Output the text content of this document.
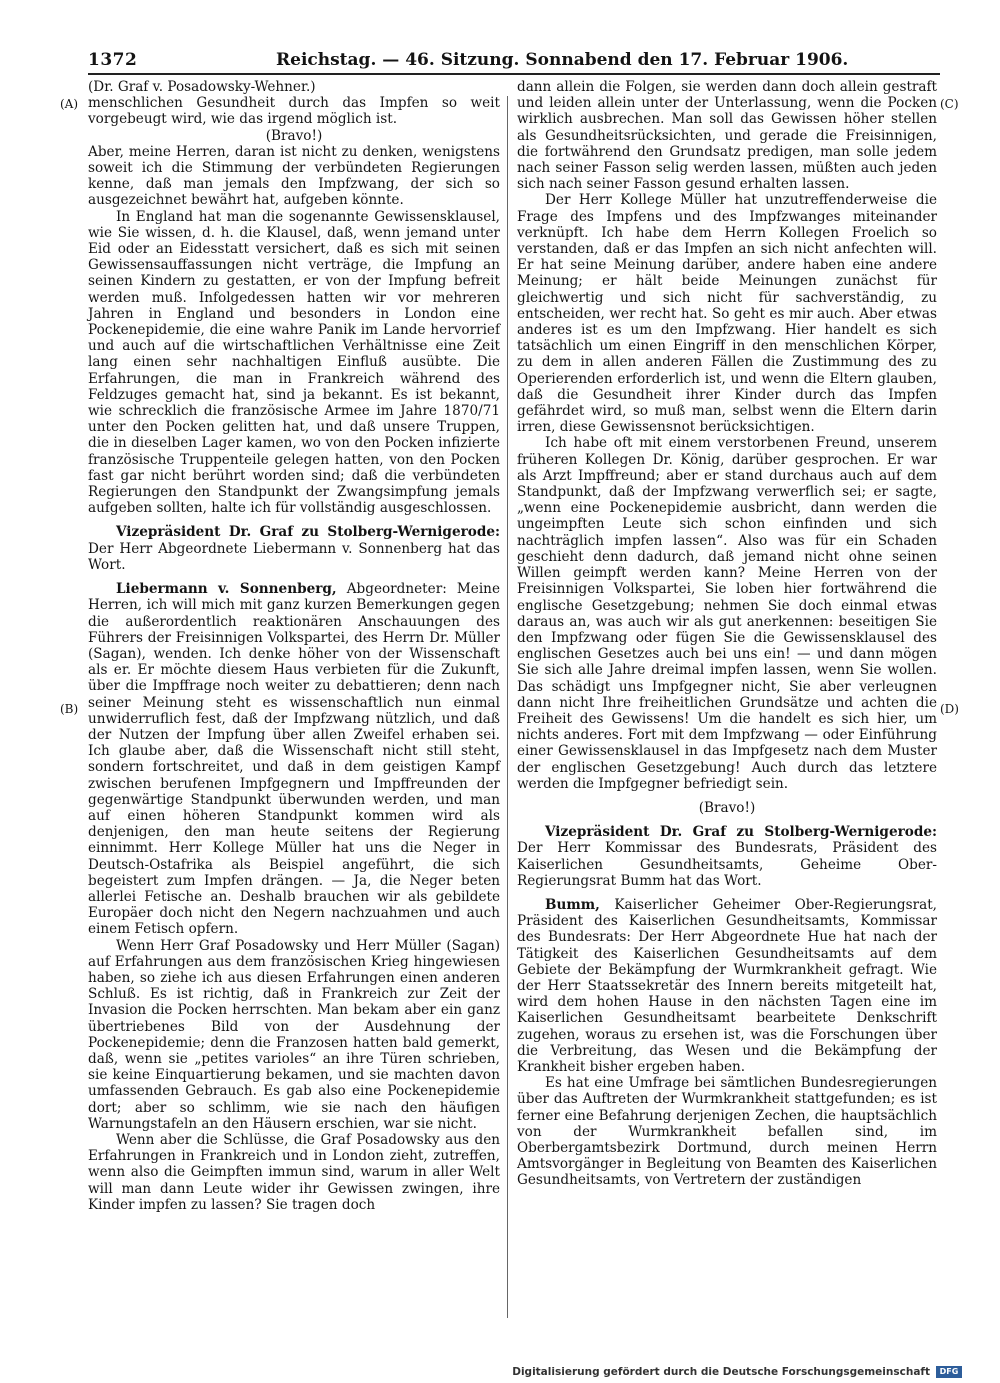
1372	Reichstag. — 46. Sitzung. Sonnabend den 17. Februar 1906.
(A)
(B)
(C)
(D)

(Dr. Graf v. Posadowsky-Wehner.)

menschlichen Gesundheit durch das Impfen so weit vorgebeugt wird, wie das irgend möglich ist.

(Bravo!)

Aber, meine Herren, daran ist nicht zu denken, wenigstens soweit ich die Stimmung der verbündeten Regierungen kenne, daß man jemals den Impfzwang, der sich so ausgezeichnet bewährt hat, aufgeben könnte.

In England hat man die sogenannte Gewissensklausel, wie Sie wissen, d. h. die Klausel, daß, wenn jemand unter Eid oder an Eidesstatt versichert, daß es sich mit seinen Gewissensauffassungen nicht verträge, die Impfung an seinen Kindern zu gestatten, er von der Impfung befreit werden muß. Infolgedessen hatten wir vor mehreren Jahren in England und besonders in London eine Pockenepidemie, die eine wahre Panik im Lande hervorrief und auch auf die wirtschaftlichen Verhältnisse eine Zeit lang einen sehr nachhaltigen Einfluß ausübte. Die Erfahrungen, die man in Frankreich während des Feldzuges gemacht hat, sind ja bekannt. Es ist bekannt, wie schrecklich die französische Armee im Jahre 1870/71 unter den Pocken gelitten hat, und daß unsere Truppen, die in dieselben Lager kamen, wo von den Pocken infizierte französische Truppenteile gelegen hatten, von den Pocken fast gar nicht berührt worden sind; daß die verbündeten Regierungen den Standpunkt der Zwangsimpfung jemals aufgeben sollten, halte ich für vollständig ausgeschlossen.

Vizepräsident Dr. Graf zu Stolberg-Wernigerode: Der Herr Abgeordnete Liebermann v. Sonnenberg hat das Wort.

Liebermann v. Sonnenberg, Abgeordneter: Meine Herren, ich will mich mit ganz kurzen Bemerkungen gegen die außerordentlich reaktionären Anschauungen des Führers der Freisinnigen Volkspartei, des Herrn Dr. Müller (Sagan), wenden. Ich denke höher von der Wissenschaft als er. Er möchte diesem Haus verbieten für die Zukunft, über die Impffrage noch weiter zu debattieren; denn nach seiner Meinung steht es wissenschaftlich nun einmal unwiderruflich fest, daß der Impfzwang nützlich, und daß der Nutzen der Impfung über allen Zweifel erhaben sei. Ich glaube aber, daß die Wissenschaft nicht still steht, sondern fortschreitet, und daß in dem geistigen Kampf zwischen berufenen Impfgegnern und Impffreunden der gegenwärtige Standpunkt überwunden werden, und man auf einen höheren Standpunkt kommen wird als denjenigen, den man heute seitens der Regierung einnimmt. Herr Kollege Müller hat uns die Neger in Deutsch-Ostafrika als Beispiel angeführt, die sich begeistert zum Impfen drängen. — Ja, die Neger beten allerlei Fetische an. Deshalb brauchen wir als gebildete Europäer doch nicht den Negern nachzuahmen und auch einem Fetisch opfern.

Wenn Herr Graf Posadowsky und Herr Müller (Sagan) auf Erfahrungen aus dem französischen Krieg hingewiesen haben, so ziehe ich aus diesen Erfahrungen einen anderen Schluß. Es ist richtig, daß in Frankreich zur Zeit der Invasion die Pocken herrschten. Man bekam aber ein ganz übertriebenes Bild von der Ausdehnung der Pockenepidemie; denn die Franzosen hatten bald gemerkt, daß, wenn sie „petites varioles“ an ihre Türen schrieben, sie keine Einquartierung bekamen, und sie machten davon umfassenden Gebrauch. Es gab also eine Pockenepidemie dort; aber so schlimm, wie sie nach den häufigen Warnungstafeln an den Häusern erschien, war sie nicht.

Wenn aber die Schlüsse, die Graf Posadowsky aus den Erfahrungen in Frankreich und in London zieht, zutreffen, wenn also die Geimpften immun sind, warum in aller Welt will man dann Leute wider ihr Gewissen zwingen, ihre Kinder impfen zu lassen? Sie tragen doch

dann allein die Folgen, sie werden dann doch allein gestraft und leiden allein unter der Unterlassung, wenn die Pocken wirklich ausbrechen. Man soll das Gewissen höher stellen als Gesundheitsrücksichten, und gerade die Freisinnigen, die fortwährend den Grundsatz predigen, man solle jedem nach seiner Fasson selig werden lassen, müßten auch jeden sich nach seiner Fasson gesund erhalten lassen.

Der Herr Kollege Müller hat unzutreffenderweise die Frage des Impfens und des Impfzwanges miteinander verknüpft. Ich habe dem Herrn Kollegen Froelich so verstanden, daß er das Impfen an sich nicht anfechten will. Er hat seine Meinung darüber, andere haben eine andere Meinung; er hält beide Meinungen zunächst für gleichwertig und sich nicht für sachverständig, zu entscheiden, wer recht hat. So geht es mir auch. Aber etwas anderes ist es um den Impfzwang. Hier handelt es sich tatsächlich um einen Eingriff in den menschlichen Körper, zu dem in allen anderen Fällen die Zustimmung des zu Operierenden erforderlich ist, und wenn die Eltern glauben, daß die Gesundheit ihrer Kinder durch das Impfen gefährdet wird, so muß man, selbst wenn die Eltern darin irren, diese Gewissensnot berücksichtigen.

Ich habe oft mit einem verstorbenen Freund, unserem früheren Kollegen Dr. König, darüber gesprochen. Er war als Arzt Impffreund; aber er stand durchaus auch auf dem Standpunkt, daß der Impfzwang verwerflich sei; er sagte, „wenn eine Pockenepidemie ausbricht, dann werden die ungeimpften Leute sich schon einfinden und sich nachträglich impfen lassen“. Also was für ein Schaden geschieht denn dadurch, daß jemand nicht ohne seinen Willen geimpft werden kann? Meine Herren von der Freisinnigen Volkspartei, Sie loben hier fortwährend die englische Gesetzgebung; nehmen Sie doch einmal etwas daraus an, was auch wir als gut anerkennen: beseitigen Sie den Impfzwang oder fügen Sie die Gewissensklausel des englischen Gesetzes auch bei uns ein! — und dann mögen Sie sich alle Jahre dreimal impfen lassen, wenn Sie wollen. Das schädigt uns Impfgegner nicht, Sie aber verleugnen dann nicht Ihre freiheitlichen Grundsätze und achten die Freiheit des Gewissens! Um die handelt es sich hier, um nichts anderes. Fort mit dem Impfzwang — oder Einführung einer Gewissensklausel in das Impfgesetz nach dem Muster der englischen Gesetzgebung! Auch durch das letztere werden die Impfgegner befriedigt sein.

(Bravo!)

Vizepräsident Dr. Graf zu Stolberg-Wernigerode: Der Herr Kommissar des Bundesrats, Präsident des Kaiserlichen Gesundheitsamts, Geheime Ober-Regierungsrat Bumm hat das Wort.

Bumm, Kaiserlicher Geheimer Ober-Regierungsrat, Präsident des Kaiserlichen Gesundheitsamts, Kommissar des Bundesrats: Der Herr Abgeordnete Hue hat nach der Tätigkeit des Kaiserlichen Gesundheitsamts auf dem Gebiete der Bekämpfung der Wurmkrankheit gefragt. Wie der Herr Staatssekretär des Innern bereits mitgeteilt hat, wird dem hohen Hause in den nächsten Tagen eine im Kaiserlichen Gesundheitsamt bearbeitete Denkschrift zugehen, woraus zu ersehen ist, was die Forschungen über die Verbreitung, das Wesen und die Bekämpfung der Krankheit bisher ergeben haben.

Es hat eine Umfrage bei sämtlichen Bundesregierungen über das Auftreten der Wurmkrankheit stattgefunden; es ist ferner eine Befahrung derjenigen Zechen, die hauptsächlich von der Wurmkrankheit befallen sind, im Oberbergamtsbezirk Dortmund, durch meinen Herrn Amtsvorgänger in Begleitung von Beamten des Kaiserlichen Gesundheitsamts, von Vertretern der zuständigen

Digitalisierung gefördert durch die Deutsche Forschungsgemeinschaft	DFG
